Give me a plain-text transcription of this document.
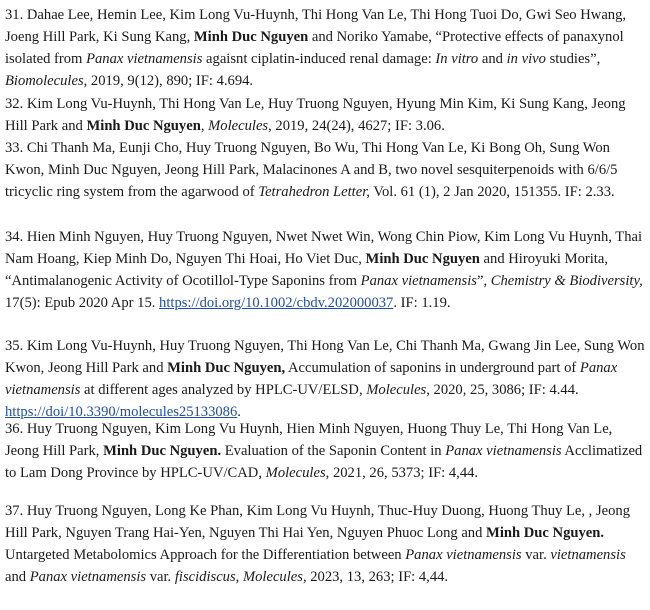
31. Dahae Lee, Hemin Lee, Kim Long Vu-Huynh, Thi Hong Van Le, Thi Hong Tuoi Do, Gwi Seo Hwang, Joeng Hill Park, Ki Sung Kang, Minh Duc Nguyen and Noriko Yamabe, “Protective effects of panaxynol isolated from Panax vietnamensis agaisnt ciplatin-induced renal damage: In vitro and in vivo studies”, Biomolecules, 2019, 9(12), 890; IF: 4.694.

32. Kim Long Vu-Huynh, Thi Hong Van Le, Huy Truong Nguyen, Hyung Min Kim, Ki Sung Kang, Jeong Hill Park and Minh Duc Nguyen, Molecules, 2019, 24(24), 4627; IF: 3.06.

33. Chi Thanh Ma, Eunji Cho, Huy Truong Nguyen, Bo Wu, Thi Hong Van Le, Ki Bong Oh, Sung Won Kwon, Minh Duc Nguyen, Jeong Hill Park, Malacinones A and B, two novel sesquiterpenoids with 6/6/5 tricyclic ring system from the agarwood of Tetrahedron Letter, Vol. 61 (1), 2 Jan 2020, 151355. IF: 2.33.

34. Hien Minh Nguyen, Huy Truong Nguyen, Nwet Nwet Win, Wong Chin Piow, Kim Long Vu Huynh, Thai Nam Hoang, Kiep Minh Do, Nguyen Thi Hoai, Ho Viet Duc, Minh Duc Nguyen and Hiroyuki Morita, “Antimalanogenic Activity of Ocotillol-Type Saponins from Panax vietnamensis”, Chemistry & Biodiversity, 17(5): Epub 2020 Apr 15. https://doi.org/10.1002/cbdv.202000037. IF: 1.19.

35. Kim Long Vu-Huynh, Huy Truong Nguyen, Thi Hong Van Le, Chi Thanh Ma, Gwang Jin Lee, Sung Won Kwon, Jeong Hill Park and Minh Duc Nguyen, Accumulation of saponins in underground part of Panax vietnamensis at different ages analyzed by HPLC-UV/ELSD, Molecules, 2020, 25, 3086; IF: 4.44. https://doi/10.3390/molecules25133086.

36. Huy Truong Nguyen, Kim Long Vu Huynh, Hien Minh Nguyen, Huong Thuy Le, Thi Hong Van Le, Jeong Hill Park, Minh Duc Nguyen. Evaluation of the Saponin Content in Panax vietnamensis Acclimatized to Lam Dong Province by HPLC-UV/CAD, Molecules, 2021, 26, 5373; IF: 4,44.

37. Huy Truong Nguyen, Long Ke Phan, Kim Long Vu Huynh, Thuc-Huy Duong, Huong Thuy Le, , Jeong Hill Park, Nguyen Trang Hai-Yen, Nguyen Thi Hai Yen, Nguyen Phuoc Long and Minh Duc Nguyen. Untargeted Metabolomics Approach for the Differentiation between Panax vietnamensis var. vietnamensis and Panax vietnamensis var. fiscidiscus, Molecules, 2023, 13, 263; IF: 4,44.
